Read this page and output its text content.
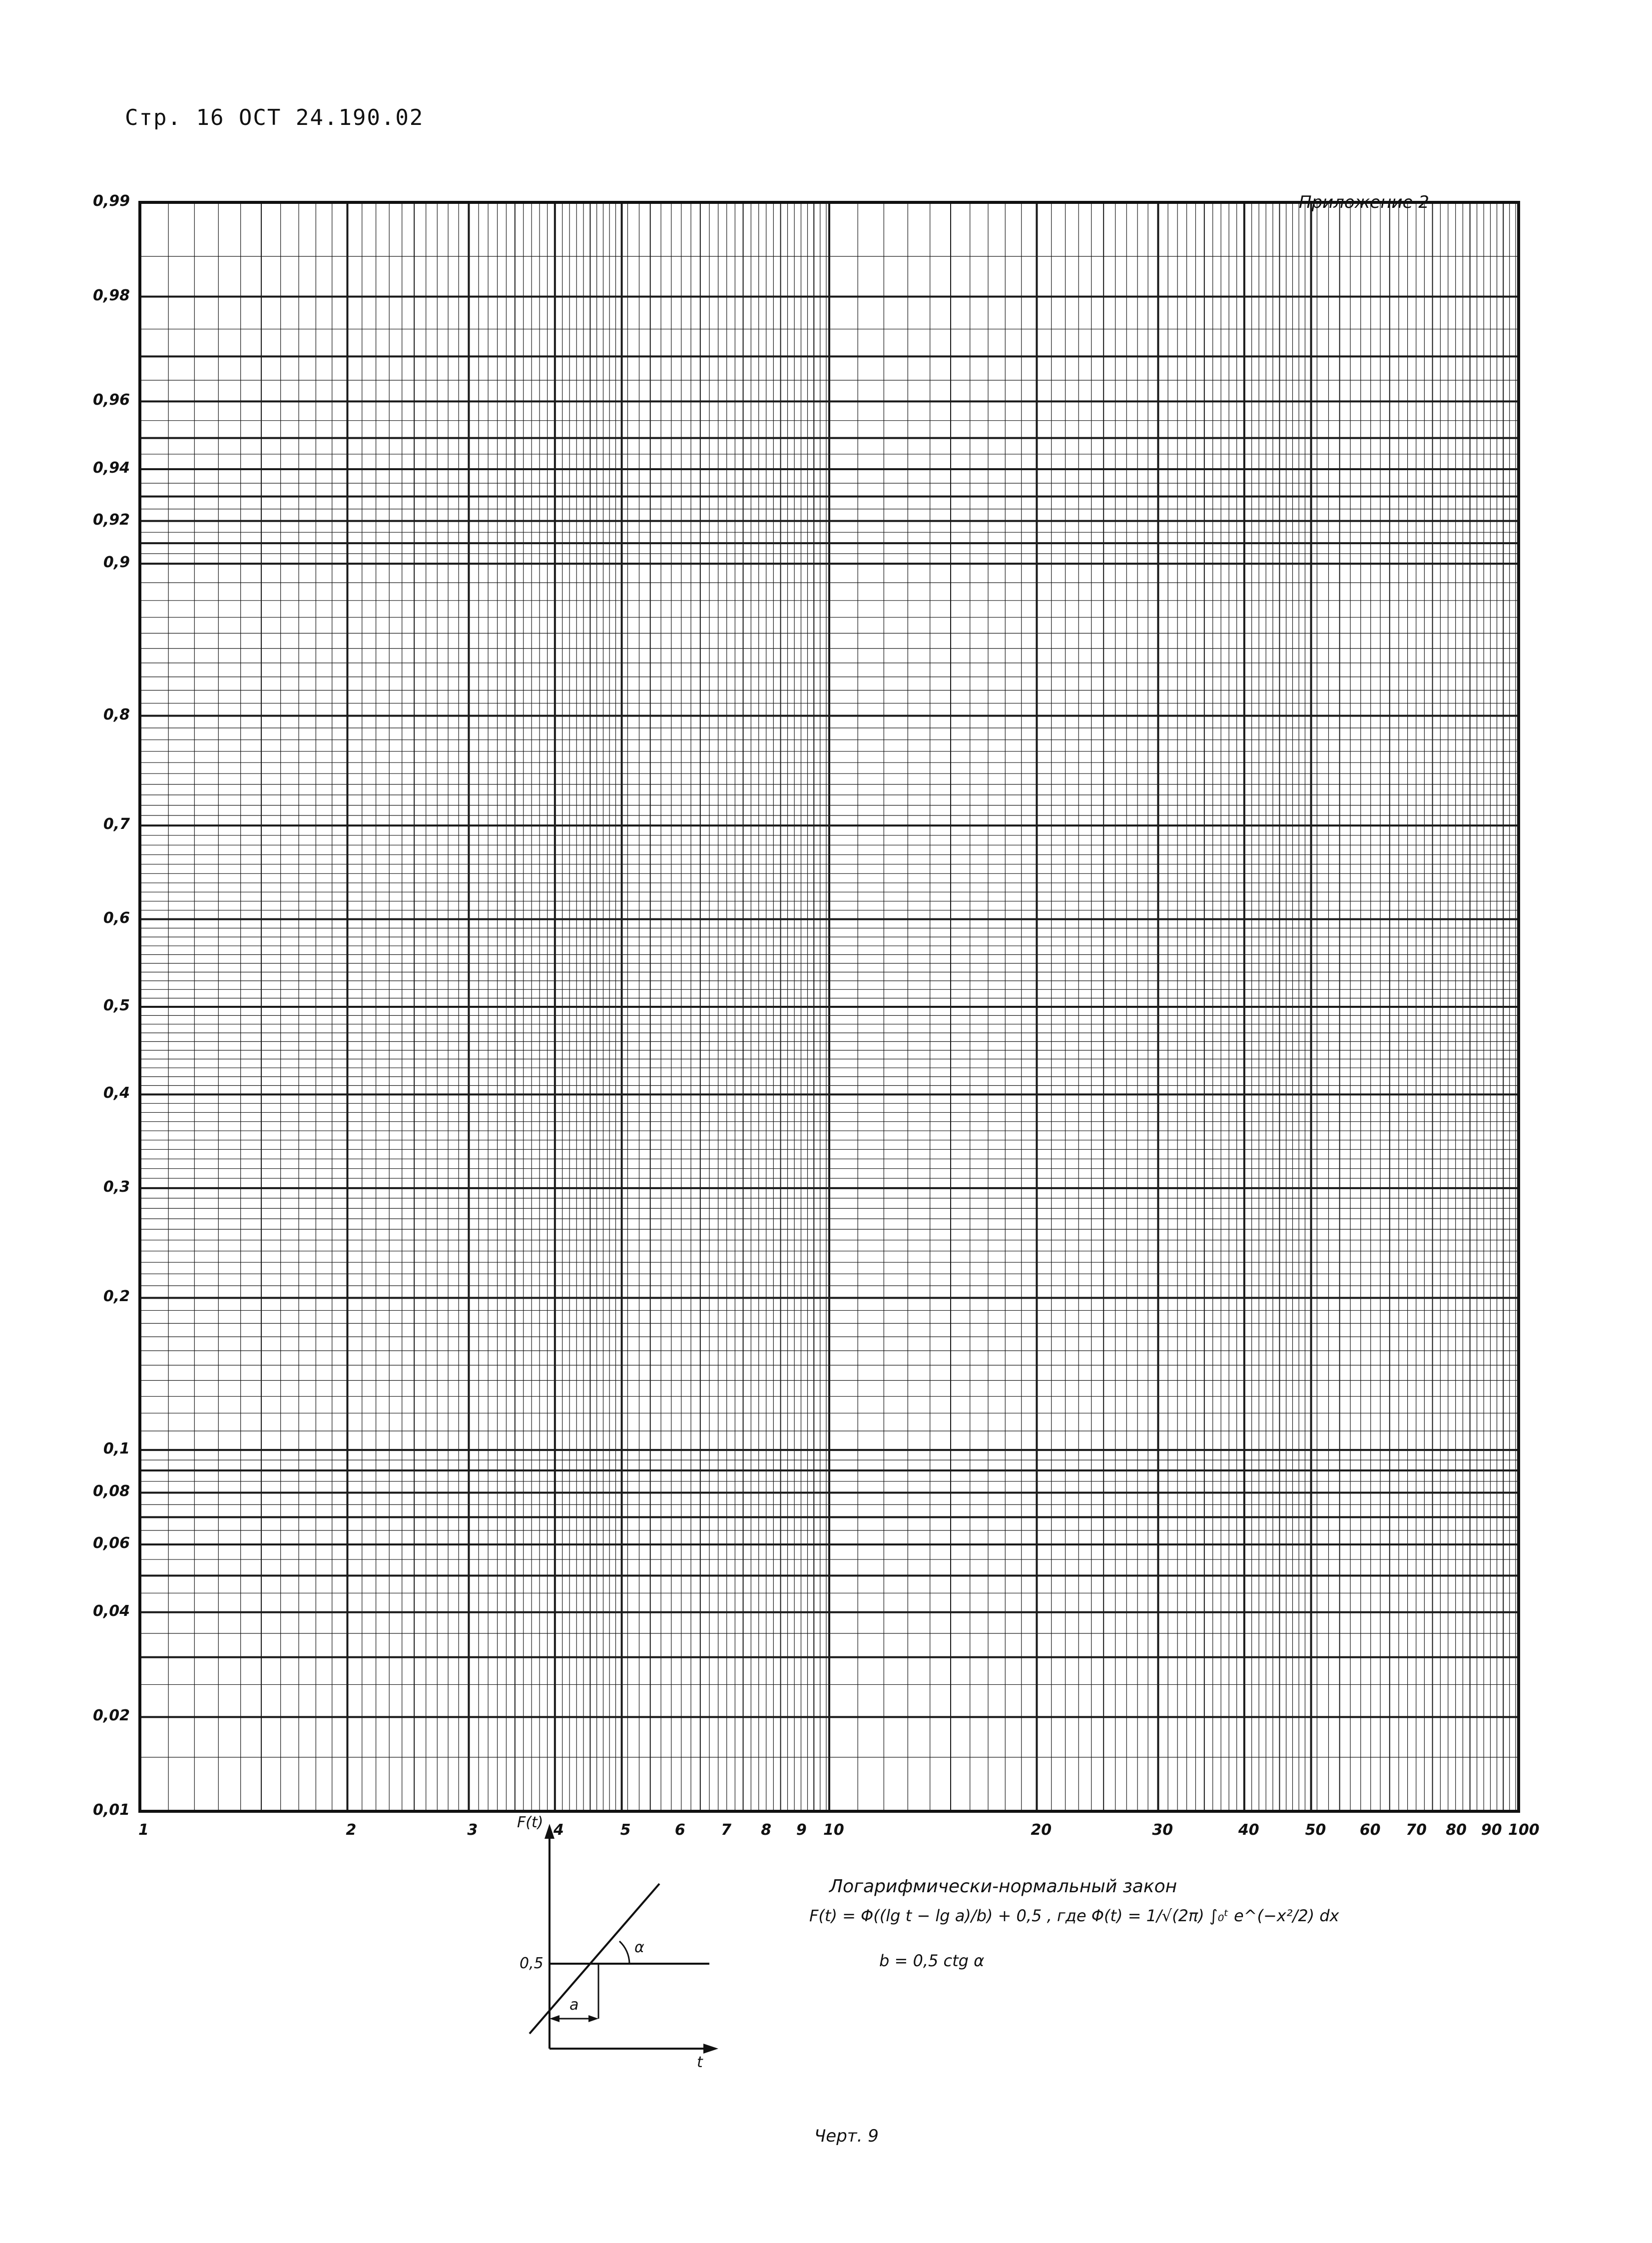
Стр. 16 ОСТ 24.190.02
Приложение 2
0,99
0,98
0,96
0,94
0,92
0,9
0,8
0,7
0,6
0,5
0,4
0,3
0,2
0,1
0,08
0,06
0,04
0,02
0,01
1	2	3	4	5	6 7 8 9 10	20	30	40	50 60 70 80 90 100
Логарифмически-нормальный закон
F(t) = Φ((lg t − lg a)/b) + 0,5 , где Φ(t) = 1/√(2π) ∫₀ᵗ e^(−x²/2) dx
b = 0,5 ctg α
F(t)
t
0,5
a
α
Черт. 9
